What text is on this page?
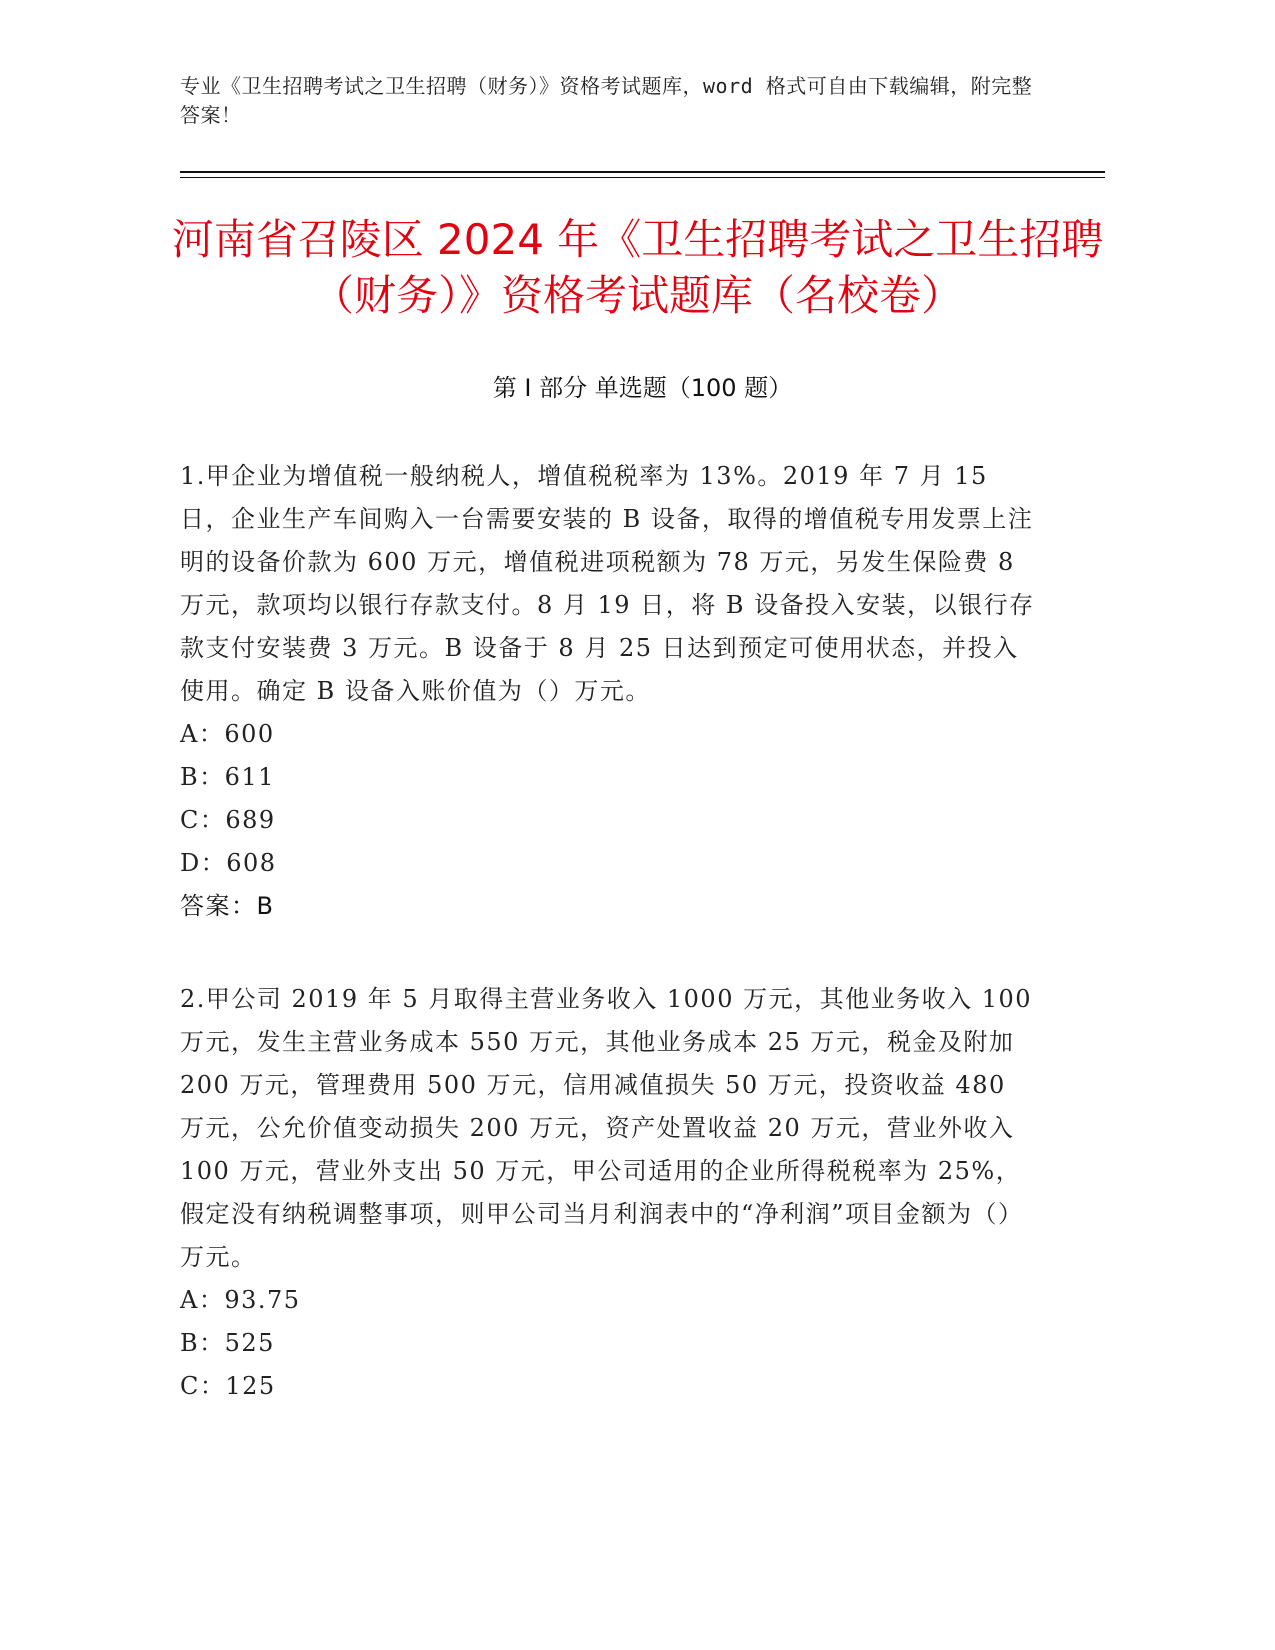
专业《卫生招聘考试之卫生招聘（财务）》资格考试题库，word 格式可自由下载编辑，附完整答案！
河南省召陵区 2024 年《卫生招聘考试之卫生招聘（财务）》资格考试题库（名校卷）
第 I 部分 单选题（100 题）

1.甲企业为增值税一般纳税人，增值税税率为 13%。2019 年 7 月 15 日，企业生产车间购入一台需要安装的 B 设备，取得的增值税专用发票上注明的设备价款为 600 万元，增值税进项税额为 78 万元，另发生保险费 8 万元，款项均以银行存款支付。8 月 19 日，将 B 设备投入安装，以银行存款支付安装费 3 万元。B 设备于 8 月 25 日达到预定可使用状态，并投入使用。确定 B 设备入账价值为（）万元。

A：600

B：611

C：689

D：608

答案：B

2.甲公司 2019 年 5 月取得主营业务收入 1000 万元，其他业务收入 100 万元，发生主营业务成本 550 万元，其他业务成本 25 万元，税金及附加 200 万元，管理费用 500 万元，信用减值损失 50 万元，投资收益 480 万元，公允价值变动损失 200 万元，资产处置收益 20 万元，营业外收入 100 万元，营业外支出 50 万元，甲公司适用的企业所得税税率为 25%，假定没有纳税调整事项，则甲公司当月利润表中的“净利润”项目金额为（）万元。

A：93.75

B：525

C：125
